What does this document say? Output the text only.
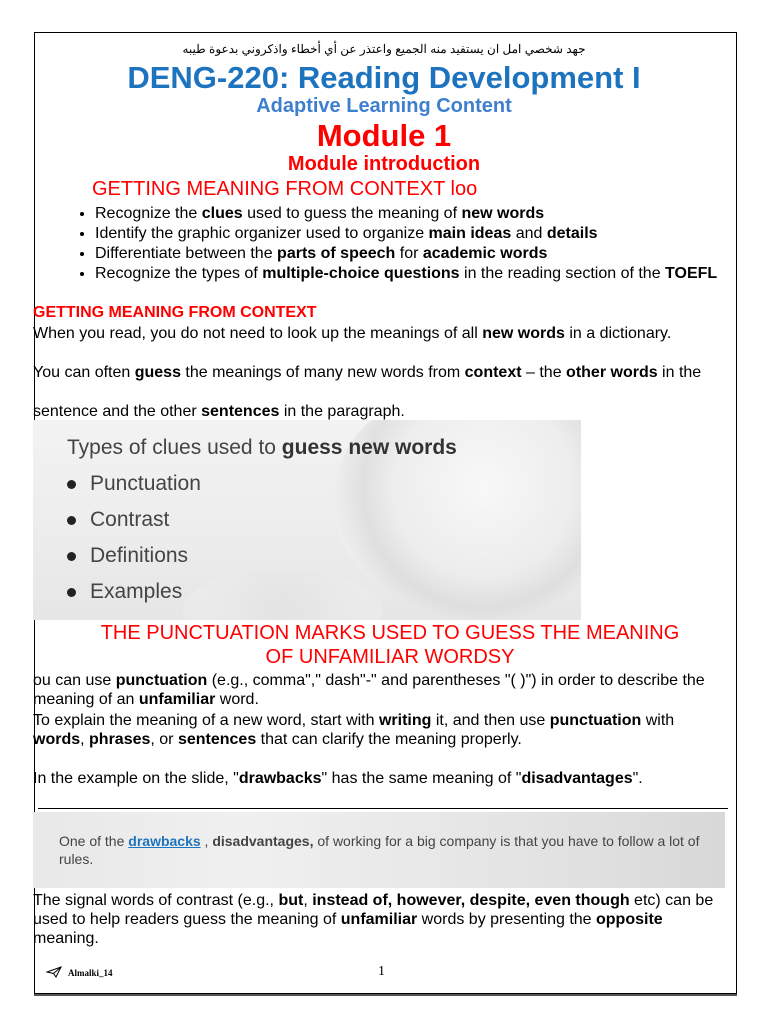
جهد شخصي امل ان يستفيد منه الجميع واعتذر عن أي أخطاء واذكروني بدعوة طيبه
DENG-220: Reading Development I
Adaptive Learning Content
Module 1
Module introduction
GETTING MEANING FROM CONTEXT loo
• Recognize the clues used to guess the meaning of new words
• Identify the graphic organizer used to organize main ideas and details
• Differentiate between the parts of speech for academic words
• Recognize the types of multiple-choice questions in the reading section of the TOEFL
GETTING MEANING FROM CONTEXT
When you read, you do not need to look up the meanings of all new words in a dictionary.
You can often guess the meanings of many new words from context – the other words in the
sentence and the other sentences in the paragraph.
Types of clues used to guess new words
Punctuation
Contrast
Definitions
Examples
THE PUNCTUATION MARKS USED TO GUESS THE MEANING
OF UNFAMILIAR WORDSY
ou can use punctuation (e.g., comma"," dash"-" and parentheses "( )") in order to describe the meaning of an unfamiliar word.
To explain the meaning of a new word, start with writing it, and then use punctuation with words, phrases, or sentences that can clarify the meaning properly.
In the example on the slide, "drawbacks" has the same meaning of "disadvantages".
One of the drawbacks , disadvantages, of working for a big company is that you have to follow a lot of rules.
The signal words of contrast (e.g., but, instead of, however, despite, even though etc) can be used to help readers guess the meaning of unfamiliar words by presenting the opposite meaning.
Almalki_14	1
